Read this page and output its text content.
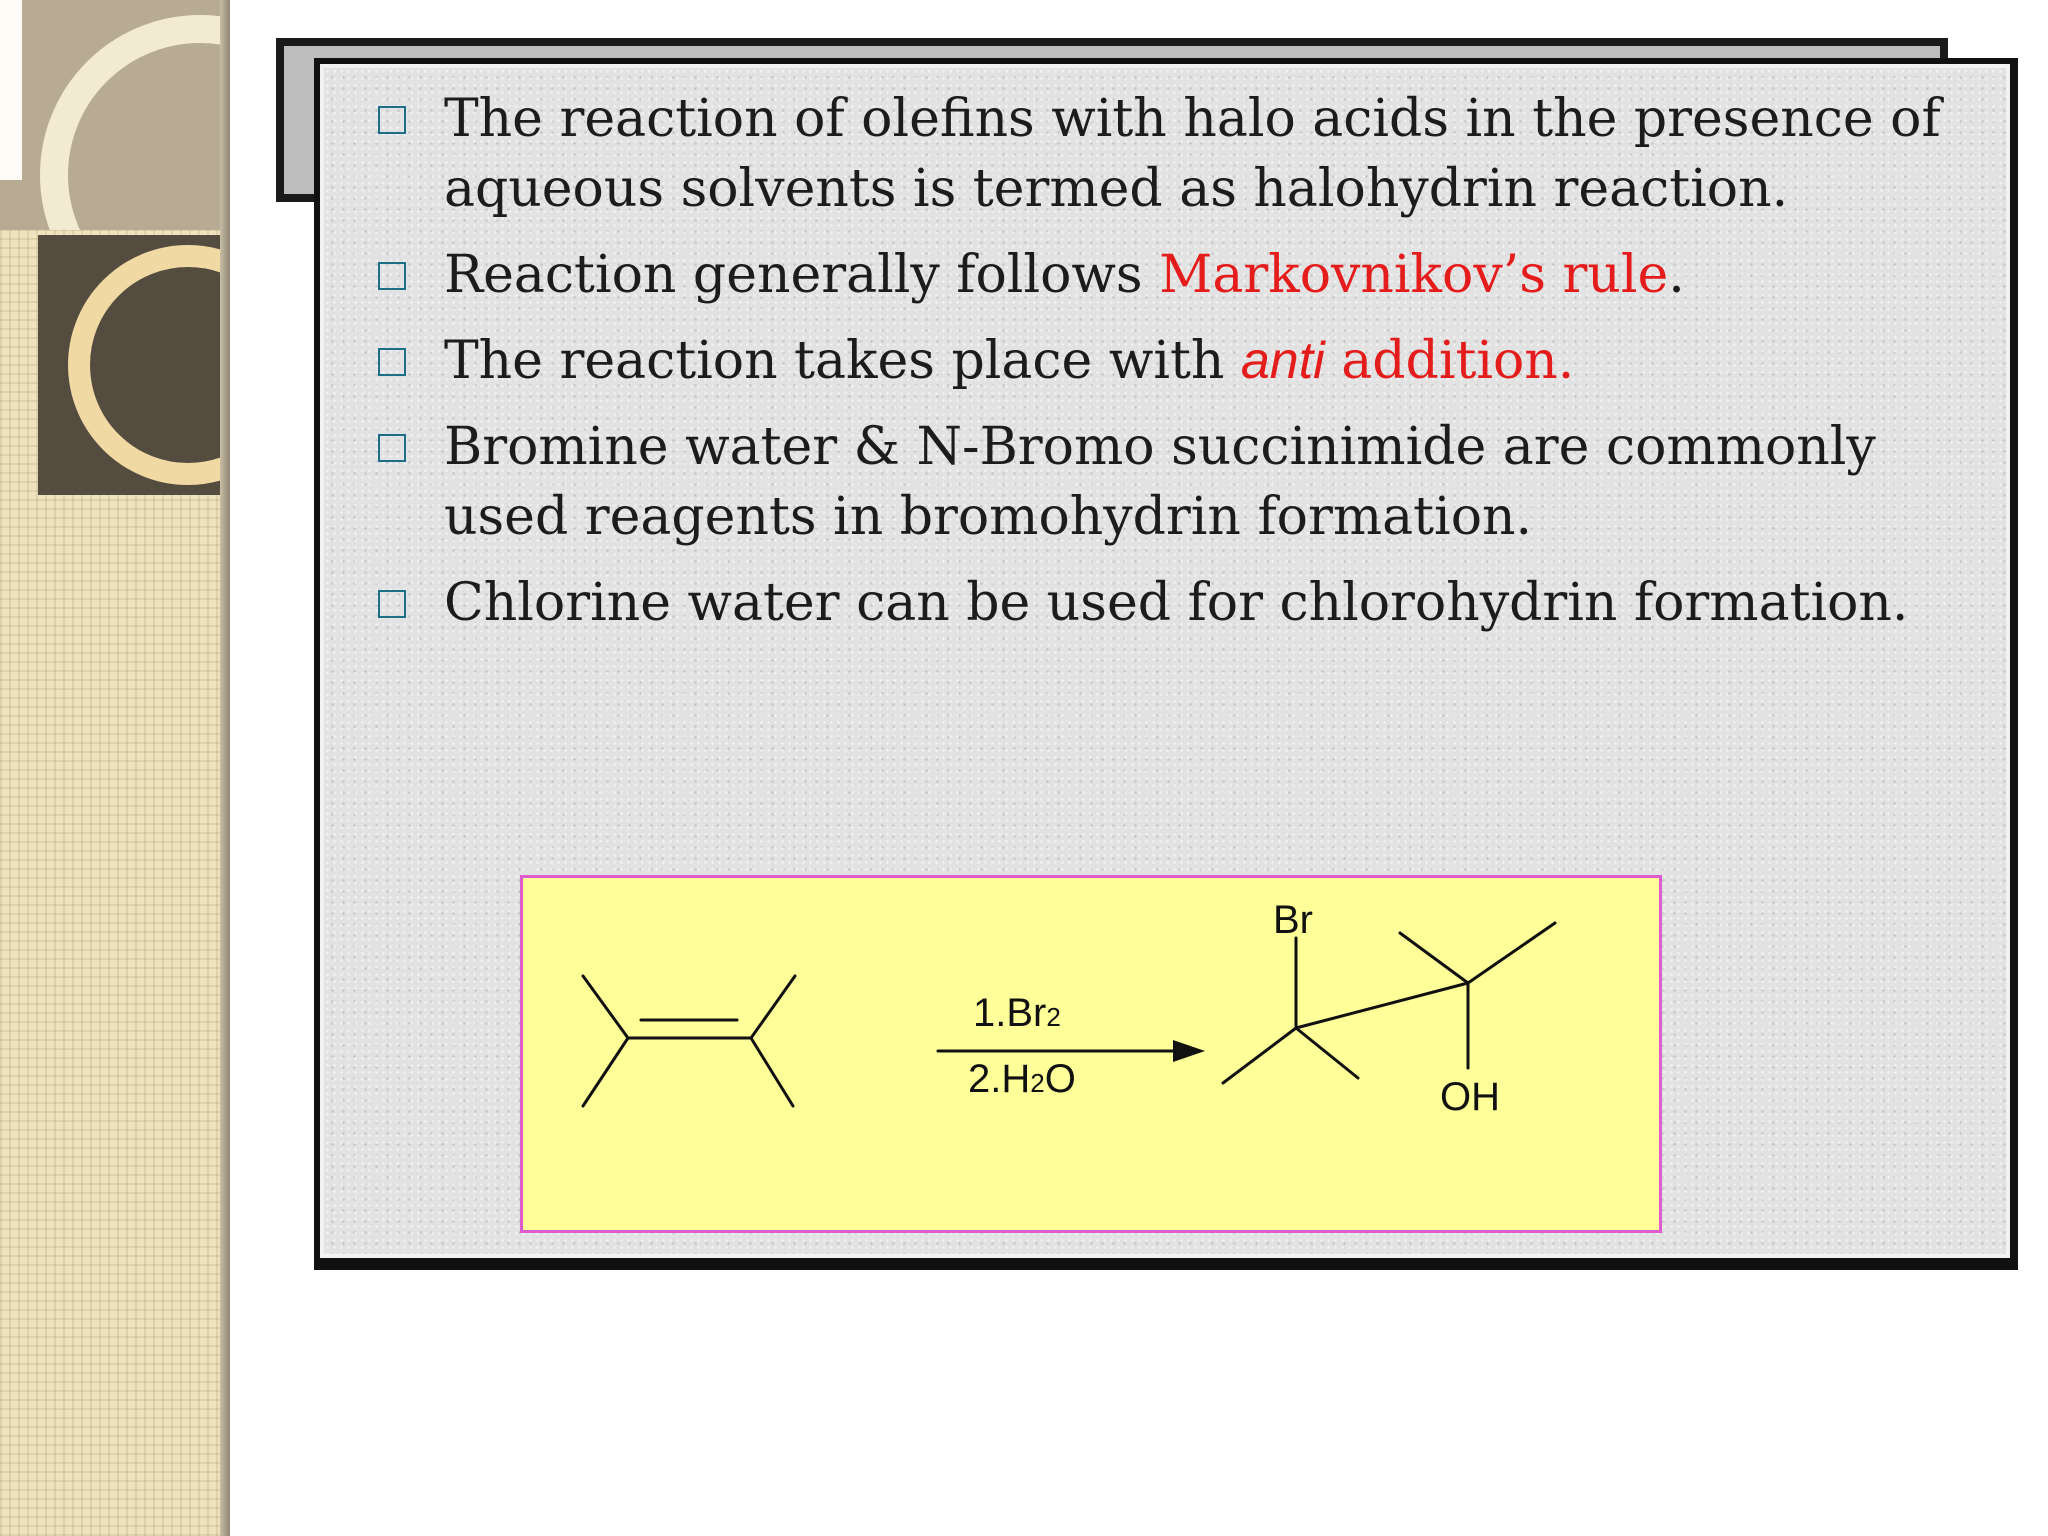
The reaction of olefins with halo acids in the presence of aqueous solvents is termed as halohydrin reaction.
Reaction generally follows Markovnikov’s rule.
The reaction takes place with anti addition.
Bromine water & N-Bromo succinimide are commonly used reagents in bromohydrin formation.
Chlorine water can be used for chlorohydrin formation.
1.Br2
2.H2O
Br
OH
